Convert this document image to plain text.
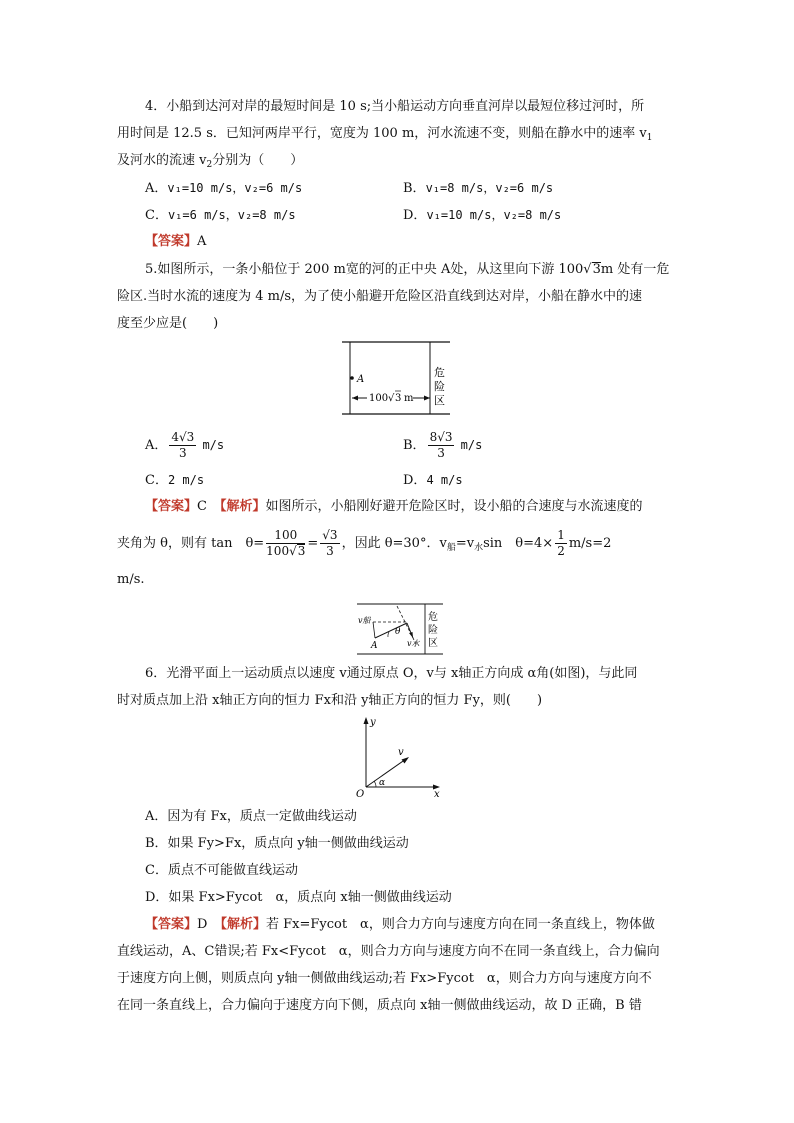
4．小船到达河对岸的最短时间是 10 s;当小船运动方向垂直河岸以最短位移过河时，所
用时间是 12.5 s．已知河两岸平行，宽度为 100 m，河水流速不变，则船在静水中的速率 $v_1$
及河水的流速 $v_2$分别为（　　）
A．v₁=10 m/s，v₂=6 m/s	B．v₁=8 m/s，v₂=6 m/s
C．v₁=6 m/s，v₂=8 m/s	D．v₁=10 m/s，v₂=8 m/s
【答案】A
5.如图所示，一条小船位于 200 m宽的河的正中央 A处，从这里向下游 100√3m 处有一危
险区.当时水流的速度为 4 m/s，为了使小船避开危险区沿直线到达对岸，小船在静水中的速
度至少应是(　　)
A
100 √ 3 m
危
险
区
A． $\frac{4√3}{3} m/s$	B． $\frac{8√3}{3} m/s$
C．2 m/s	D．4 m/s
【答案】C　 【解析】如图所示，小船刚好避开危险区时，设小船的合速度与水流速度的
夹角为 θ，则有 tan　$\theta= \frac{100}{100√3} = \frac{√3}{3}$ ，因此 θ=30°．$v_船=v_水\sin$　$\theta=4\times \frac{1}{2} m/s=2$
m/s.
v船
θ
v水
A
危
险
区
6．光滑平面上一运动质点以速度 v通过原点 O，v与 x轴正方向成 α角(如图)，与此同
时对质点加上沿 x轴正方向的恒力 Fx和沿 y轴正方向的恒力 Fy，则(　　)
y
x
v
α
O
A．因为有 Fx，质点一定做曲线运动
B．如果 Fy>Fx，质点向 y轴一侧做曲线运动
C．质点不可能做直线运动
D．如果 Fx>Fycot　α，质点向 x轴一侧做曲线运动
【答案】D　 【解析】若 Fx=Fycot　α，则合力方向与速度方向在同一条直线上，物体做
直线运动，A、C错误;若 Fx<Fycot　α，则合力方向与速度方向不在同一条直线上，合力偏向
于速度方向上侧，则质点向 y轴一侧做曲线运动;若 Fx>Fycot　α，则合力方向与速度方向不
在同一条直线上，合力偏向于速度方向下侧，质点向 x轴一侧做曲线运动，故 D 正确，B 错
